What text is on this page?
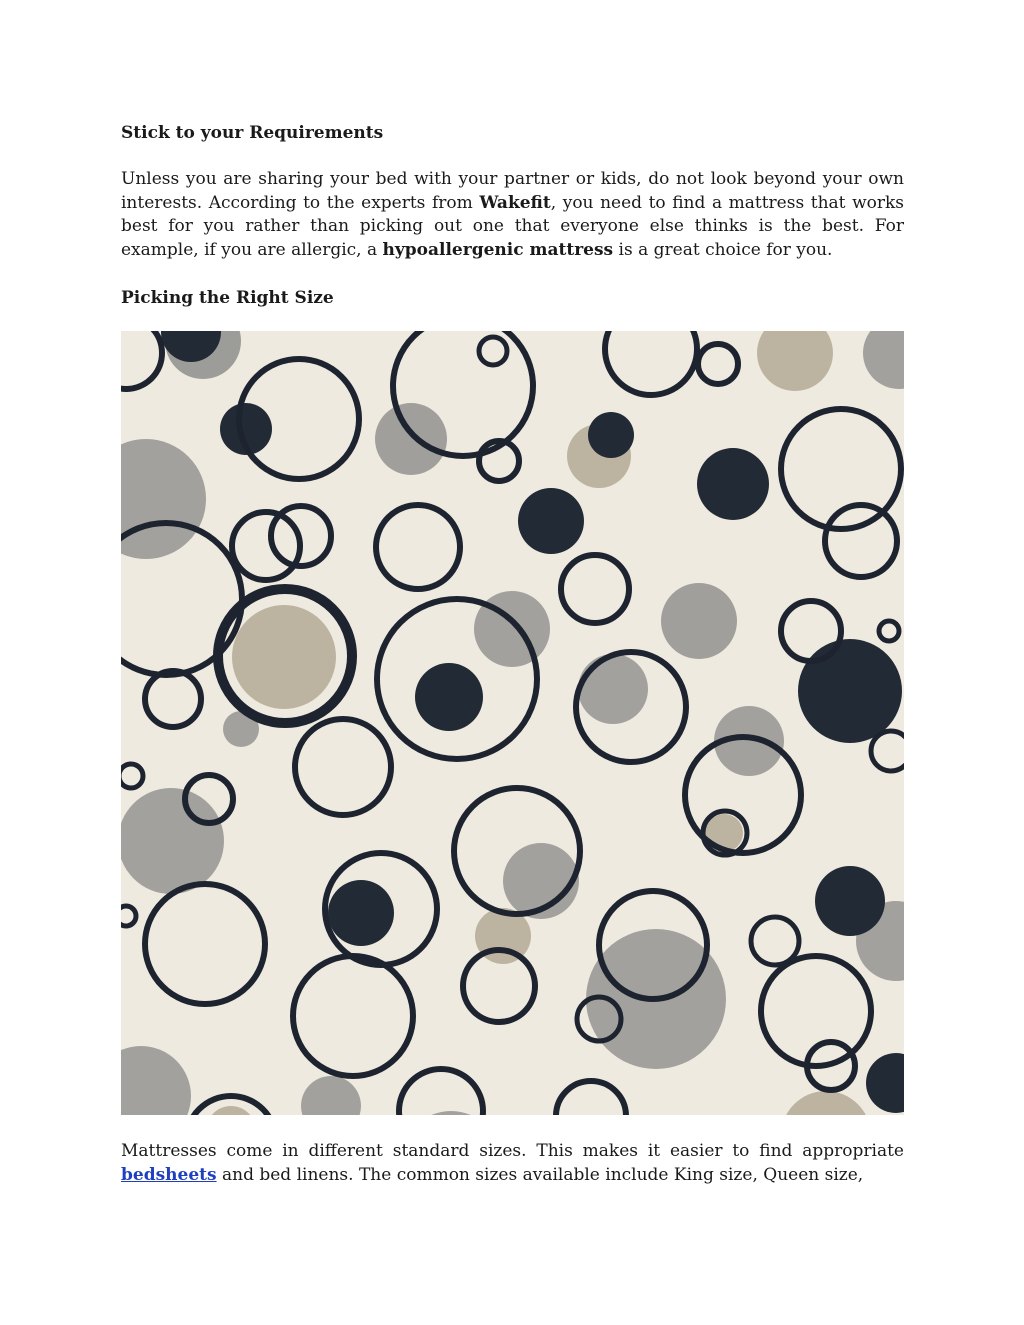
Stick to your Requirements

Unless you are sharing your bed with your partner or kids, do not look beyond your own interests. According to the experts from Wakefit, you need to find a mattress that works best for you rather than picking out one that everyone else thinks is the best. For example, if you are allergic, a hypoallergenic mattress is a great choice for you.

Picking the Right Size

Mattresses come in different standard sizes. This makes it easier to find appropriate bedsheets and bed linens. The common sizes available include King size, Queen size,
